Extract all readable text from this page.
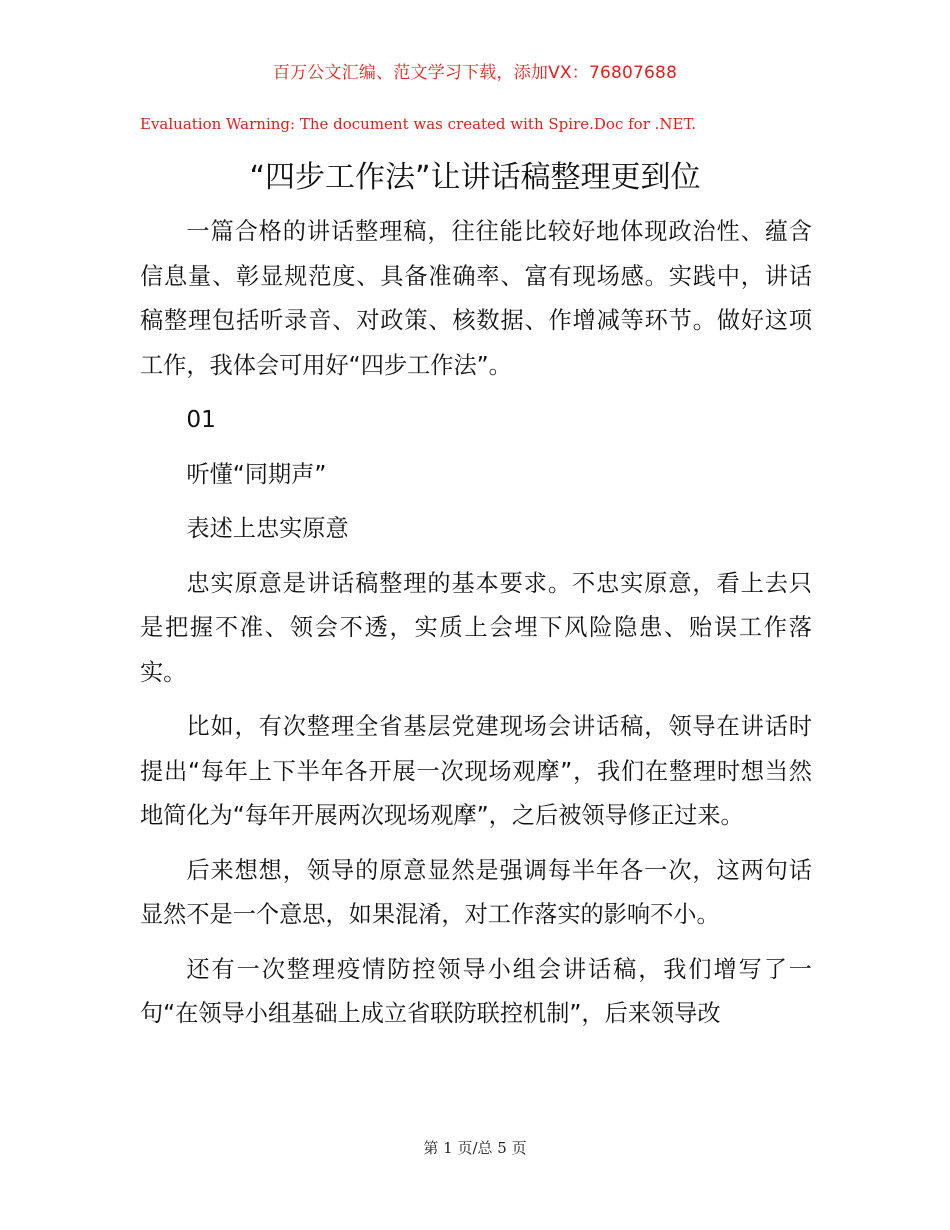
百万公文汇编、范文学习下载，添加VX：76807688
Evaluation Warning: The document was created with Spire.Doc for .NET.
“四步工作法”让讲话稿整理更到位

一篇合格的讲话整理稿，往往能比较好地体现政治性、蕴含信息量、彰显规范度、具备准确率、富有现场感。实践中，讲话稿整理包括听录音、对政策、核数据、作增减等环节。做好这项工作，我体会可用好“四步工作法”。

01

听懂“同期声”

表述上忠实原意

忠实原意是讲话稿整理的基本要求。不忠实原意，看上去只是把握不准、领会不透，实质上会埋下风险隐患、贻误工作落实。

比如，有次整理全省基层党建现场会讲话稿，领导在讲话时提出“每年上下半年各开展一次现场观摩”，我们在整理时想当然地简化为“每年开展两次现场观摩”，之后被领导修正过来。

后来想想，领导的原意显然是强调每半年各一次，这两句话显然不是一个意思，如果混淆，对工作落实的影响不小。

还有一次整理疫情防控领导小组会讲话稿，我们增写了一句“在领导小组基础上成立省联防联控机制”，后来领导改

第 1 页/总 5 页
